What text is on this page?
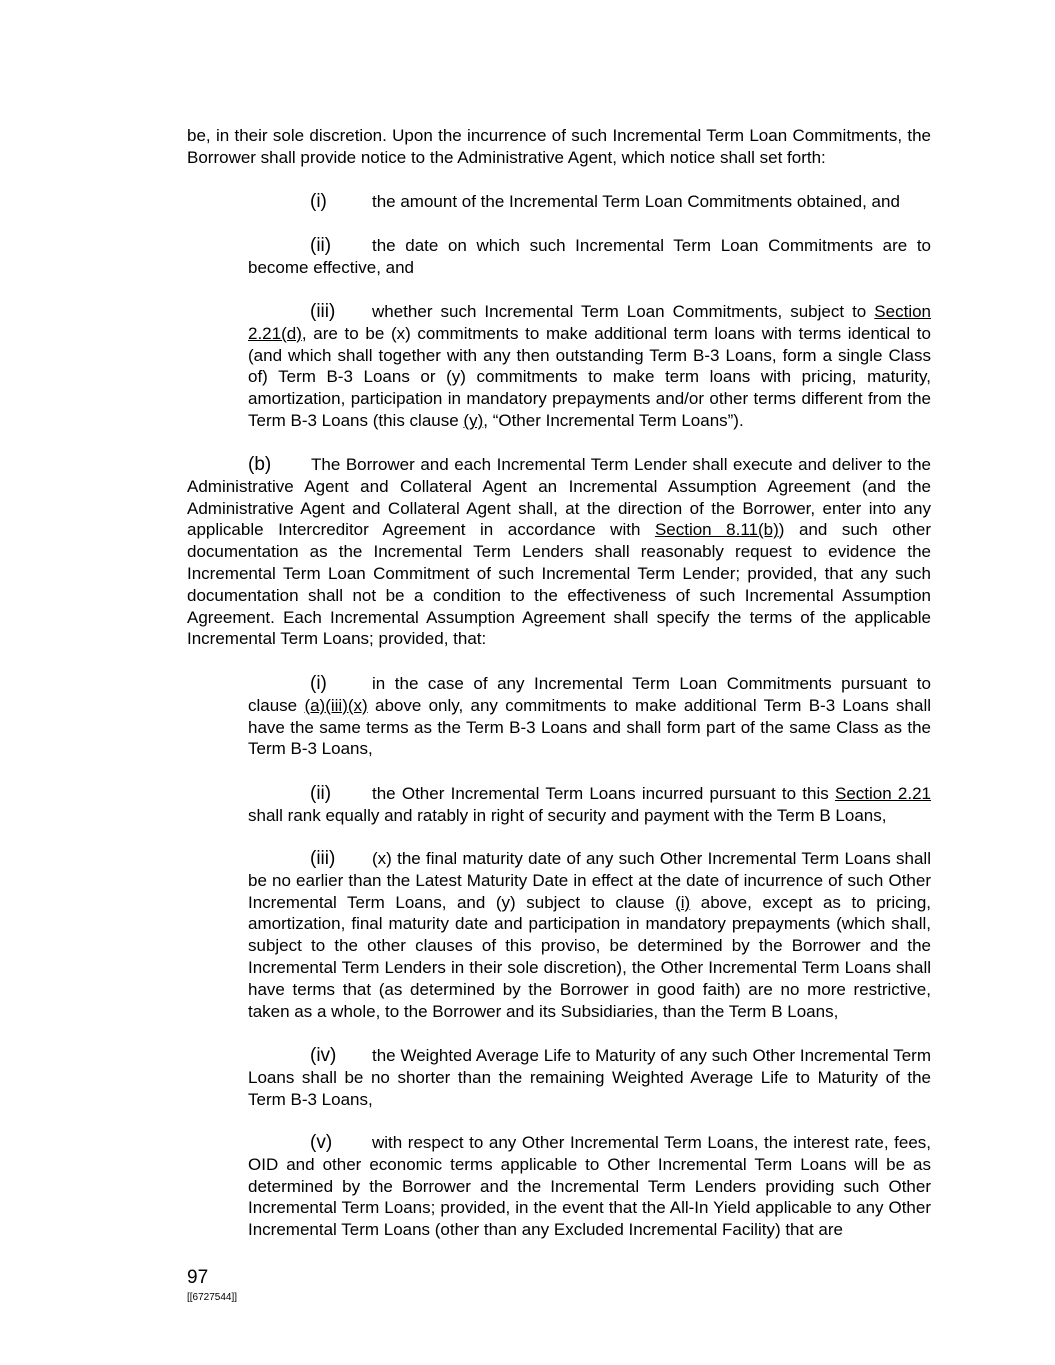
be, in their sole discretion. Upon the incurrence of such Incremental Term Loan Commitments, the Borrower shall provide notice to the Administrative Agent, which notice shall set forth:
(i)	the amount of the Incremental Term Loan Commitments obtained, and
(ii) the date on which such Incremental Term Loan Commitments are to become effective, and
(iii) whether such Incremental Term Loan Commitments, subject to Section 2.21(d), are to be (x) commitments to make additional term loans with terms identical to (and which shall together with any then outstanding Term B-3 Loans, form a single Class of) Term B-3 Loans or (y) commitments to make term loans with pricing, maturity, amortization, participation in mandatory prepayments and/or other terms different from the Term B-3 Loans (this clause (y), “Other Incremental Term Loans”).
(b) The Borrower and each Incremental Term Lender shall execute and deliver to the Administrative Agent and Collateral Agent an Incremental Assumption Agreement (and the Administrative Agent and Collateral Agent shall, at the direction of the Borrower, enter into any applicable Intercreditor Agreement in accordance with Section 8.11(b)) and such other documentation as the Incremental Term Lenders shall reasonably request to evidence the Incremental Term Loan Commitment of such Incremental Term Lender; provided, that any such documentation shall not be a condition to the effectiveness of such Incremental Assumption Agreement. Each Incremental Assumption Agreement shall specify the terms of the applicable Incremental Term Loans; provided, that:
(i)	in the case of any Incremental Term Loan Commitments pursuant to clause (a)(iii)(x) above only, any commitments to make additional Term B-3 Loans shall have the same terms as the Term B-3 Loans and shall form part of the same Class as the Term B-3 Loans,
(ii) the Other Incremental Term Loans incurred pursuant to this Section 2.21 shall rank equally and ratably in right of security and payment with the Term B Loans,
(iii) (x) the final maturity date of any such Other Incremental Term Loans shall be no earlier than the Latest Maturity Date in effect at the date of incurrence of such Other Incremental Term Loans, and (y) subject to clause (i) above, except as to pricing, amortization, final maturity date and participation in mandatory prepayments (which shall, subject to the other clauses of this proviso, be determined by the Borrower and the Incremental Term Lenders in their sole discretion), the Other Incremental Term Loans shall have terms that (as determined by the Borrower in good faith) are no more restrictive, taken as a whole, to the Borrower and its Subsidiaries, than the Term B Loans,
(iv) the Weighted Average Life to Maturity of any such Other Incremental Term Loans shall be no shorter than the remaining Weighted Average Life to Maturity of the Term B-3 Loans,
(v) with respect to any Other Incremental Term Loans, the interest rate, fees, OID and other economic terms applicable to Other Incremental Term Loans will be as determined by the Borrower and the Incremental Term Lenders providing such Other Incremental Term Loans; provided, in the event that the All-In Yield applicable to any Other Incremental Term Loans (other than any Excluded Incremental Facility) that are
97
[[6727544]]
